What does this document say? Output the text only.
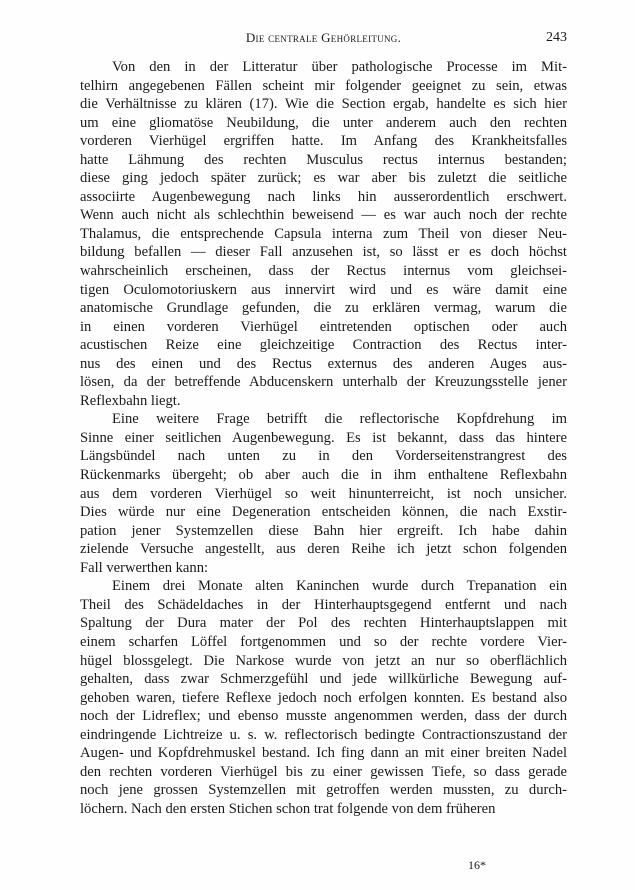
Die centrale Gehörleitung.	243
Von den in der Litteratur über pathologische Processe im Mit-
telhirn angegebenen Fällen scheint mir folgender geeignet zu sein, etwas
die Verhältnisse zu klären (17). Wie die Section ergab, handelte es sich hier
um eine gliomatöse Neubildung, die unter anderem auch den rechten
vorderen Vierhügel ergriffen hatte. Im Anfang des Krankheitsfalles
hatte Lähmung des rechten Musculus rectus internus bestanden;
diese ging jedoch später zurück; es war aber bis zuletzt die seitliche
associirte Augenbewegung nach links hin ausserordentlich erschwert.
Wenn auch nicht als schlechthin beweisend — es war auch noch der rechte
Thalamus, die entsprechende Capsula interna zum Theil von dieser Neu-
bildung befallen — dieser Fall anzusehen ist, so lässt er es doch höchst
wahrscheinlich erscheinen, dass der Rectus internus vom gleichsei-
tigen Oculomotoriuskern aus innervirt wird und es wäre damit eine
anatomische Grundlage gefunden, die zu erklären vermag, warum die
in einen vorderen Vierhügel eintretenden optischen oder auch
acustischen Reize eine gleichzeitige Contraction des Rectus inter-
nus des einen und des Rectus externus des anderen Auges aus-
lösen, da der betreffende Abducenskern unterhalb der Kreuzungsstelle jener
Reflexbahn liegt.
Eine weitere Frage betrifft die reflectorische Kopfdrehung im
Sinne einer seitlichen Augenbewegung. Es ist bekannt, dass das hintere
Längsbündel nach unten zu in den Vorderseitenstrangrest des
Rückenmarks übergeht; ob aber auch die in ihm enthaltene Reflexbahn
aus dem vorderen Vierhügel so weit hinunterreicht, ist noch unsicher.
Dies würde nur eine Degeneration entscheiden können, die nach Exstir-
pation jener Systemzellen diese Bahn hier ergreift. Ich habe dahin
zielende Versuche angestellt, aus deren Reihe ich jetzt schon folgenden
Fall verwerthen kann:
Einem drei Monate alten Kaninchen wurde durch Trepanation ein
Theil des Schädeldaches in der Hinterhauptsgegend entfernt und nach
Spaltung der Dura mater der Pol des rechten Hinterhauptslappen mit
einem scharfen Löffel fortgenommen und so der rechte vordere Vier-
hügel blossgelegt. Die Narkose wurde von jetzt an nur so oberflächlich
gehalten, dass zwar Schmerzgefühl und jede willkürliche Bewegung auf-
gehoben waren, tiefere Reflexe jedoch noch erfolgen konnten. Es bestand also
noch der Lidreflex; und ebenso musste angenommen werden, dass der durch
eindringende Lichtreize u. s. w. reflectorisch bedingte Contractionszustand der
Augen- und Kopfdrehmuskel bestand. Ich fing dann an mit einer breiten Nadel
den rechten vorderen Vierhügel bis zu einer gewissen Tiefe, so dass gerade
noch jene grossen Systemzellen mit getroffen werden mussten, zu durch-
löchern. Nach den ersten Stichen schon trat folgende von dem früheren
16*
